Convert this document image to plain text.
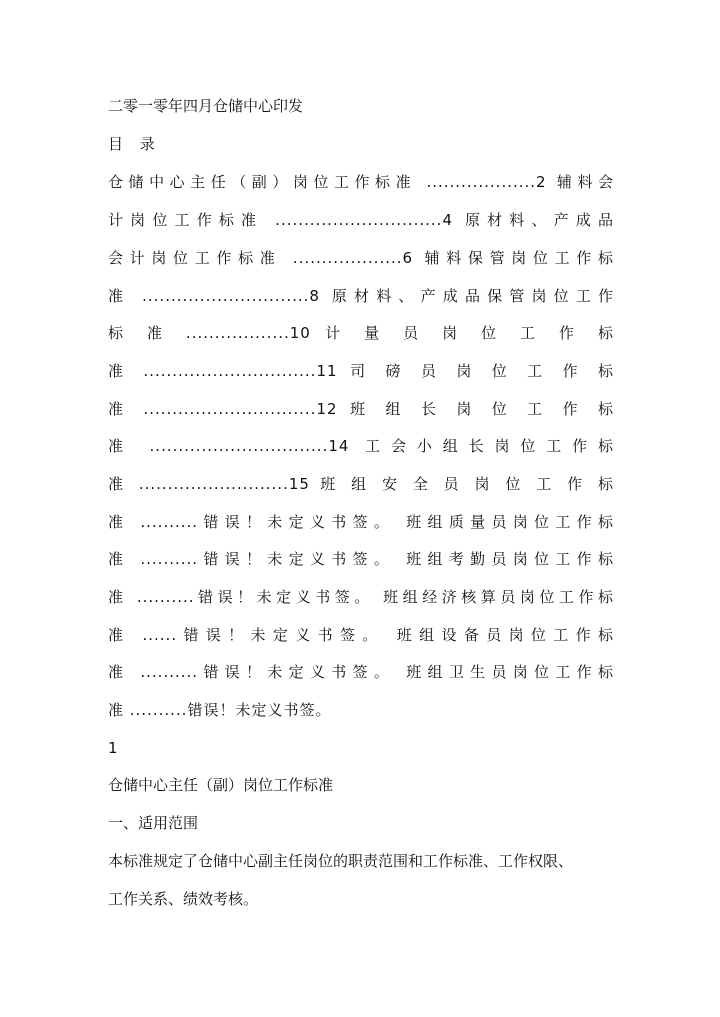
二零一零年四月仓储中心印发
目 录
仓储中心主任（副）岗位工作标准 ...................2 辅料会
计岗位工作标准 .............................4 原材料、产成品
会计岗位工作标准 ...................6 辅料保管岗位工作标
准 .............................8 原材料、产成品保管岗位工作
标 准 ..................10 计 量 员 岗 位 工 作 标
准 ..............................11 司 磅 员 岗 位 工 作 标
准 ..............................12 班 组 长 岗 位 工 作 标
准 ...............................14 工会小组长岗位工作标
准 ..........................15 班 组 安 全 员 岗 位 工 作 标
准 ..........错误！未定义书签。 班组质量员岗位工作标
准 ..........错误！未定义书签。 班组考勤员岗位工作标
准 ..........错误！未定义书签。 班组经济核算员岗位工作标
准 ......错误！未定义书签。 班组设备员岗位工作标
准 ..........错误！未定义书签。 班组卫生员岗位工作标
准 ..........错误！未定义书签。
1
仓储中心主任（副）岗位工作标准
一、适用范围
本标准规定了仓储中心副主任岗位的职责范围和工作标准、工作权限、
工作关系、绩效考核。
